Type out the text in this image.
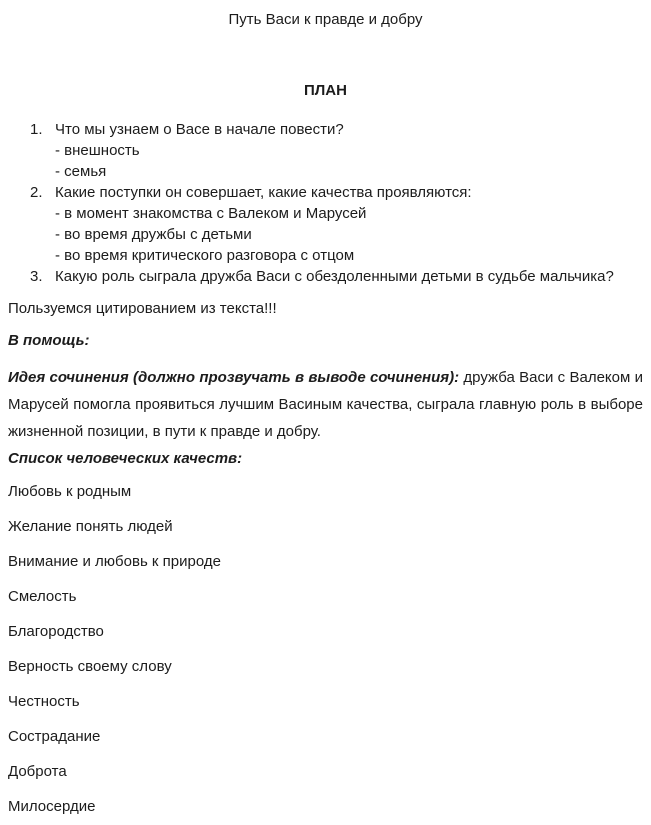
Путь Васи к правде и добру

ПЛАН

1. Что мы узнаем о Васе в начале повести?
- внешность
- семья
2. Какие поступки он совершает, какие качества проявляются:
- в момент знакомства с Валеком и Марусей
- во время дружбы с детьми
- во время критического разговора с отцом
3. Какую роль сыграла дружба Васи с обездоленными детьми в судьбе мальчика?

Пользуемся цитированием из текста!!!

В помощь:

Идея сочинения (должно прозвучать в выводе сочинения): дружба Васи с Валеком и Марусей помогла проявиться лучшим Васиным качества, сыграла главную роль в выборе жизненной позиции, в пути к правде и добру.

Список человеческих качеств:

Любовь к родным

Желание понять людей

Внимание и любовь к природе

Смелость

Благородство

Верность своему слову

Честность

Сострадание

Доброта

Милосердие
